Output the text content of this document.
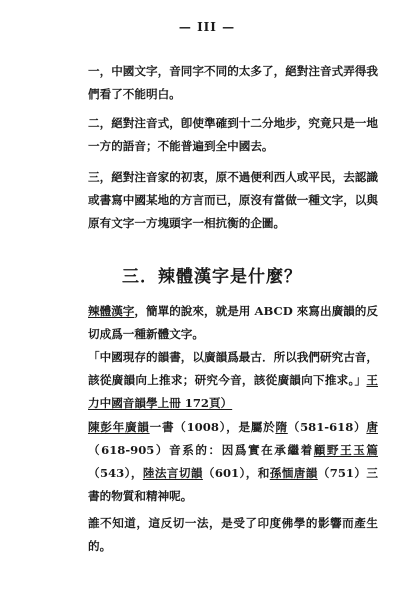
— III —

一，中國文字，音同字不同的太多了，絕對注音式弄得我們看了不能明白。

二，絕對注音式，卽使準確到十二分地步，究竟只是一地一方的語音；不能普遍到全中國去。

三，絕對注音家的初衷，原不過便利西人或平民，去認識或書寫中國某地的方言而已，原沒有當做一種文字，以與原有文字一方塊頭字一相抗衡的企圖。

三．辣體漢字是什麼？

辣體漢字，簡單的說來，就是用 ABCD 來寫出廣韻的反切成爲一種新體文字。

「中國現存的韻書，以廣韻爲最古．所以我們研究古音，該從廣韻向上推求；研究今音，該從廣韻向下推求。」王力中國音韻學上冊 172頁）

陳彭年廣韻一書（1008），是屬於隋（581-618）唐（618-905）音系的：因爲實在承繼着顧野王玉篇（543），陸法言切韻（601），和孫愐唐韻（751）三書的物質和精神呢。

誰不知道，這反切一法，是受了印度佛學的影響而產生的。
